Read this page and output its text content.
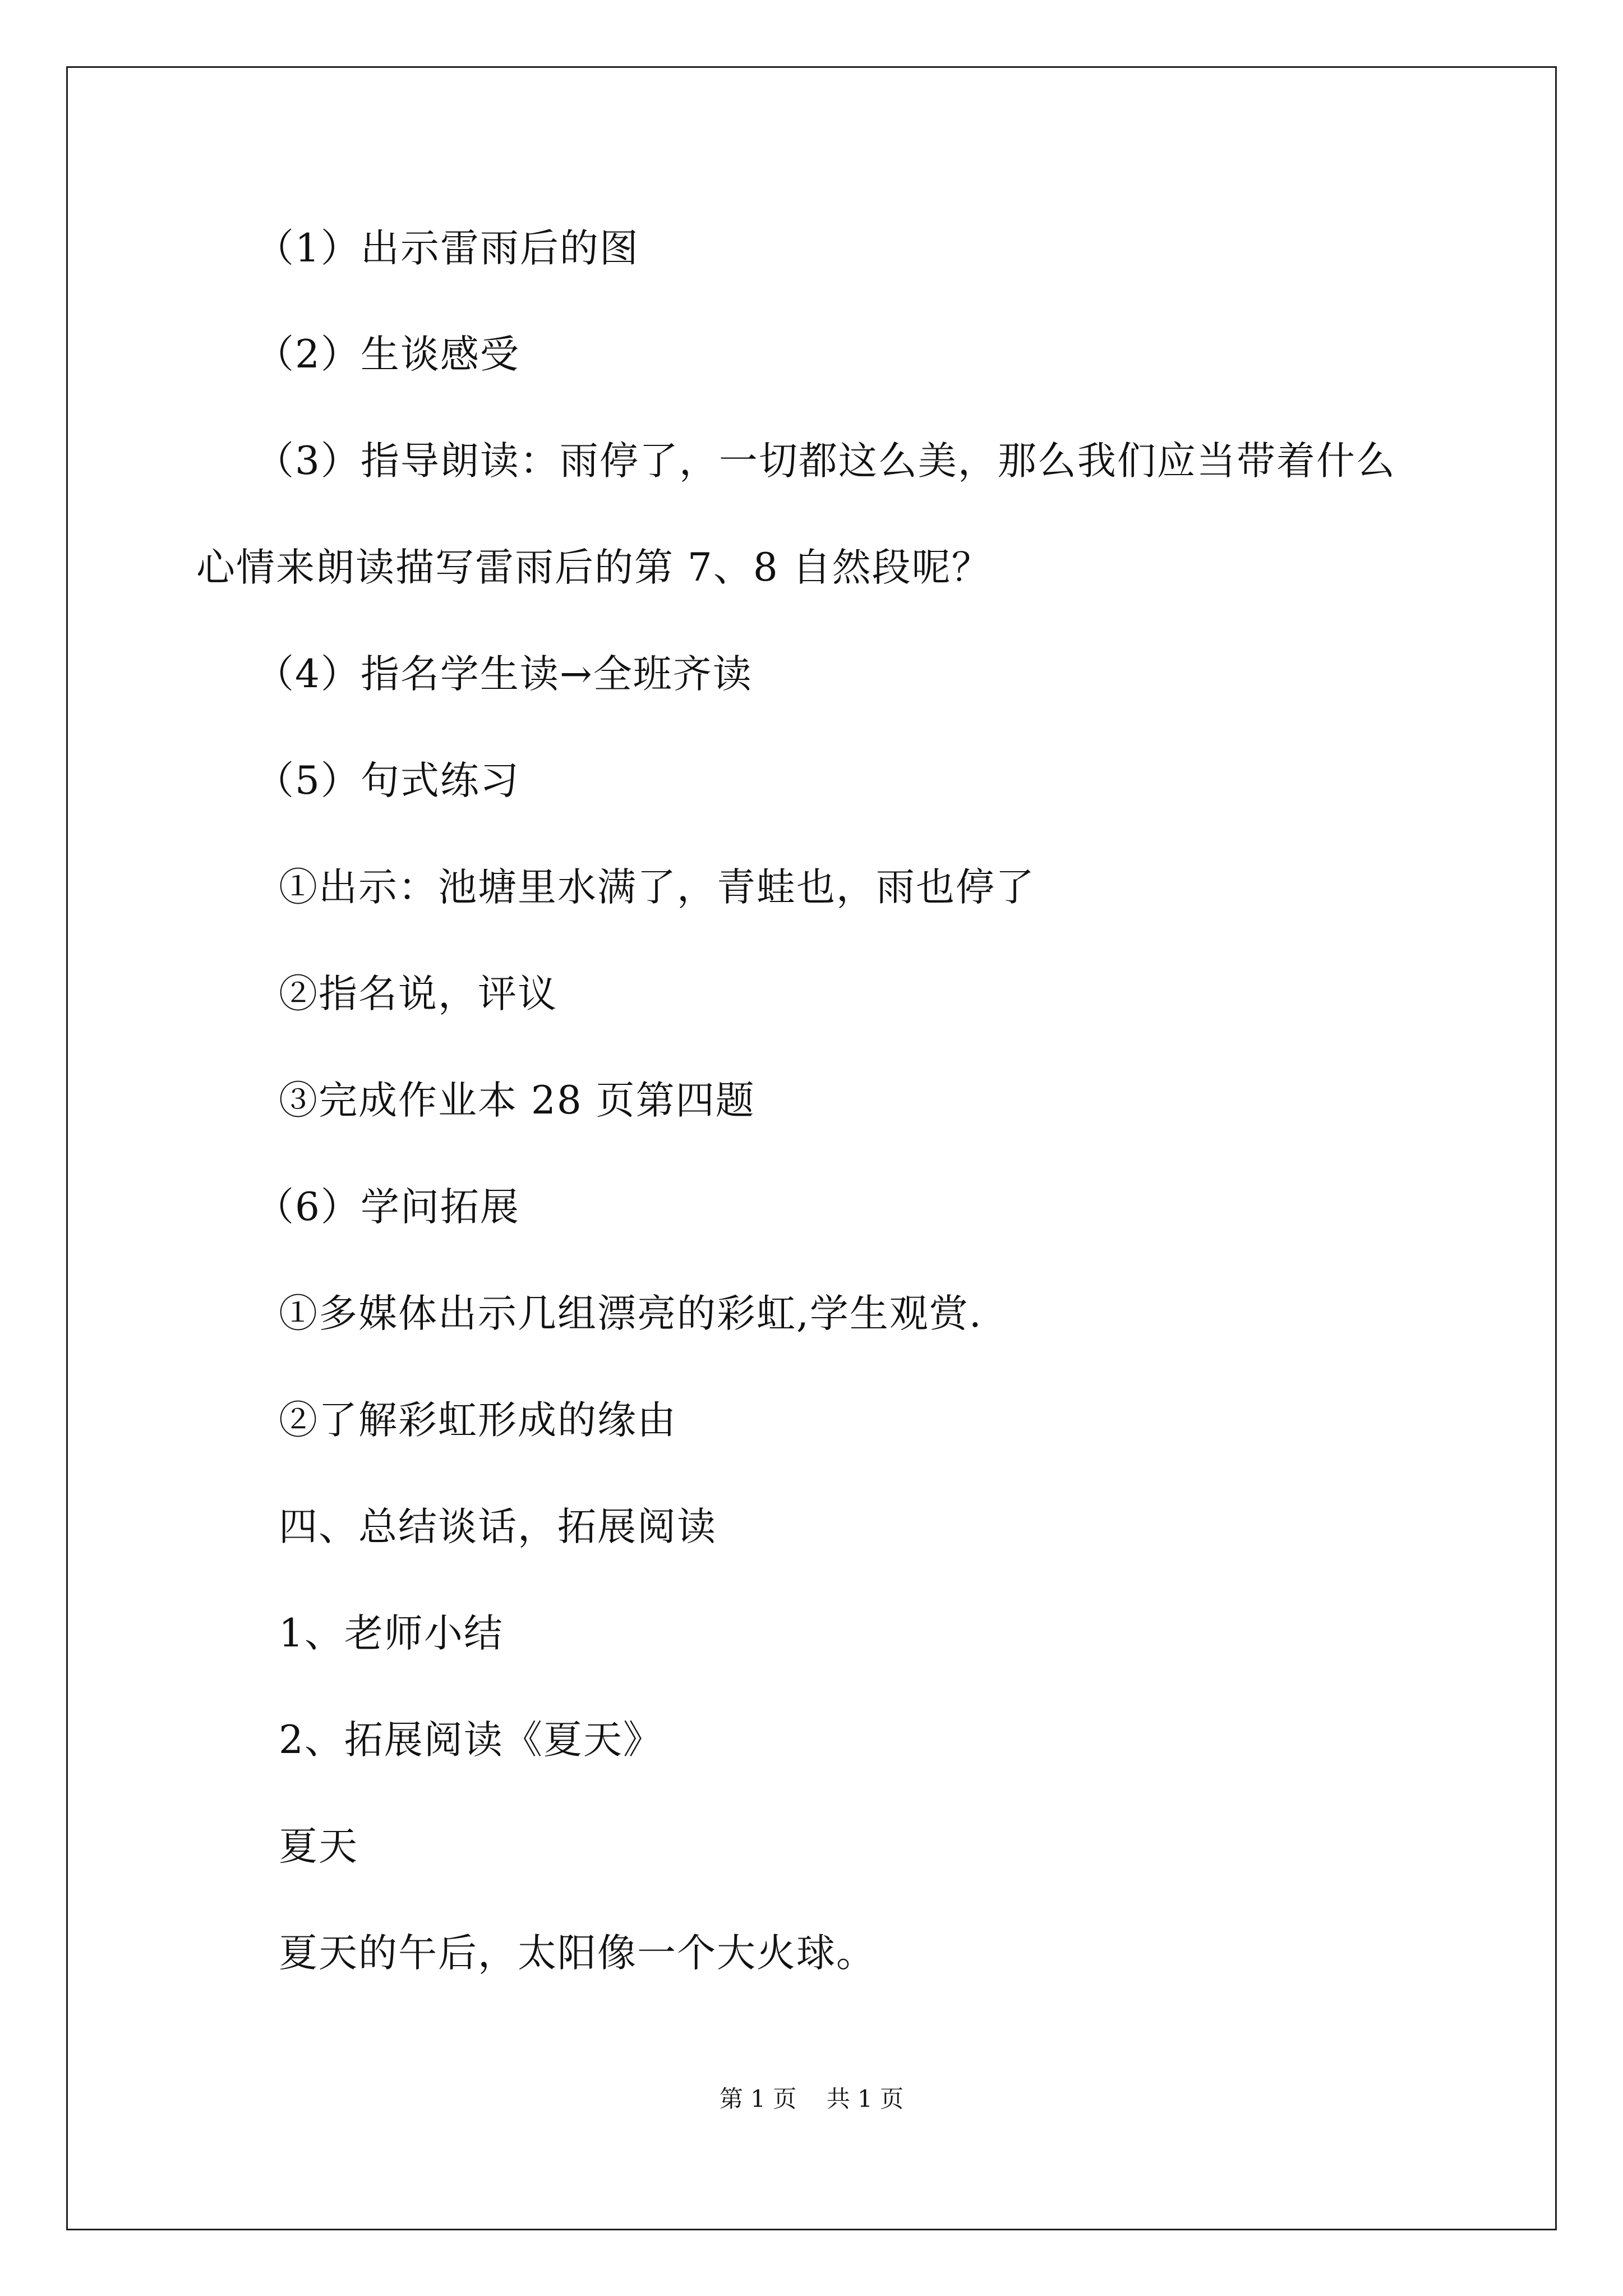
（1）出示雷雨后的图
（2）生谈感受
（3）指导朗读：雨停了，一切都这么美，那么我们应当带着什么
心情来朗读描写雷雨后的第 7、8 自然段呢？
（4）指名学生读→全班齐读
（5）句式练习
①出示：池塘里水满了，青蛙也，雨也停了
②指名说，评议
③完成作业本 28 页第四题
（6）学问拓展
①多媒体出示几组漂亮的彩虹,学生观赏.
②了解彩虹形成的缘由
四、总结谈话，拓展阅读
1、老师小结
2、拓展阅读《夏天》
夏天
夏天的午后，太阳像一个大火球。
第 1 页    共 1 页
